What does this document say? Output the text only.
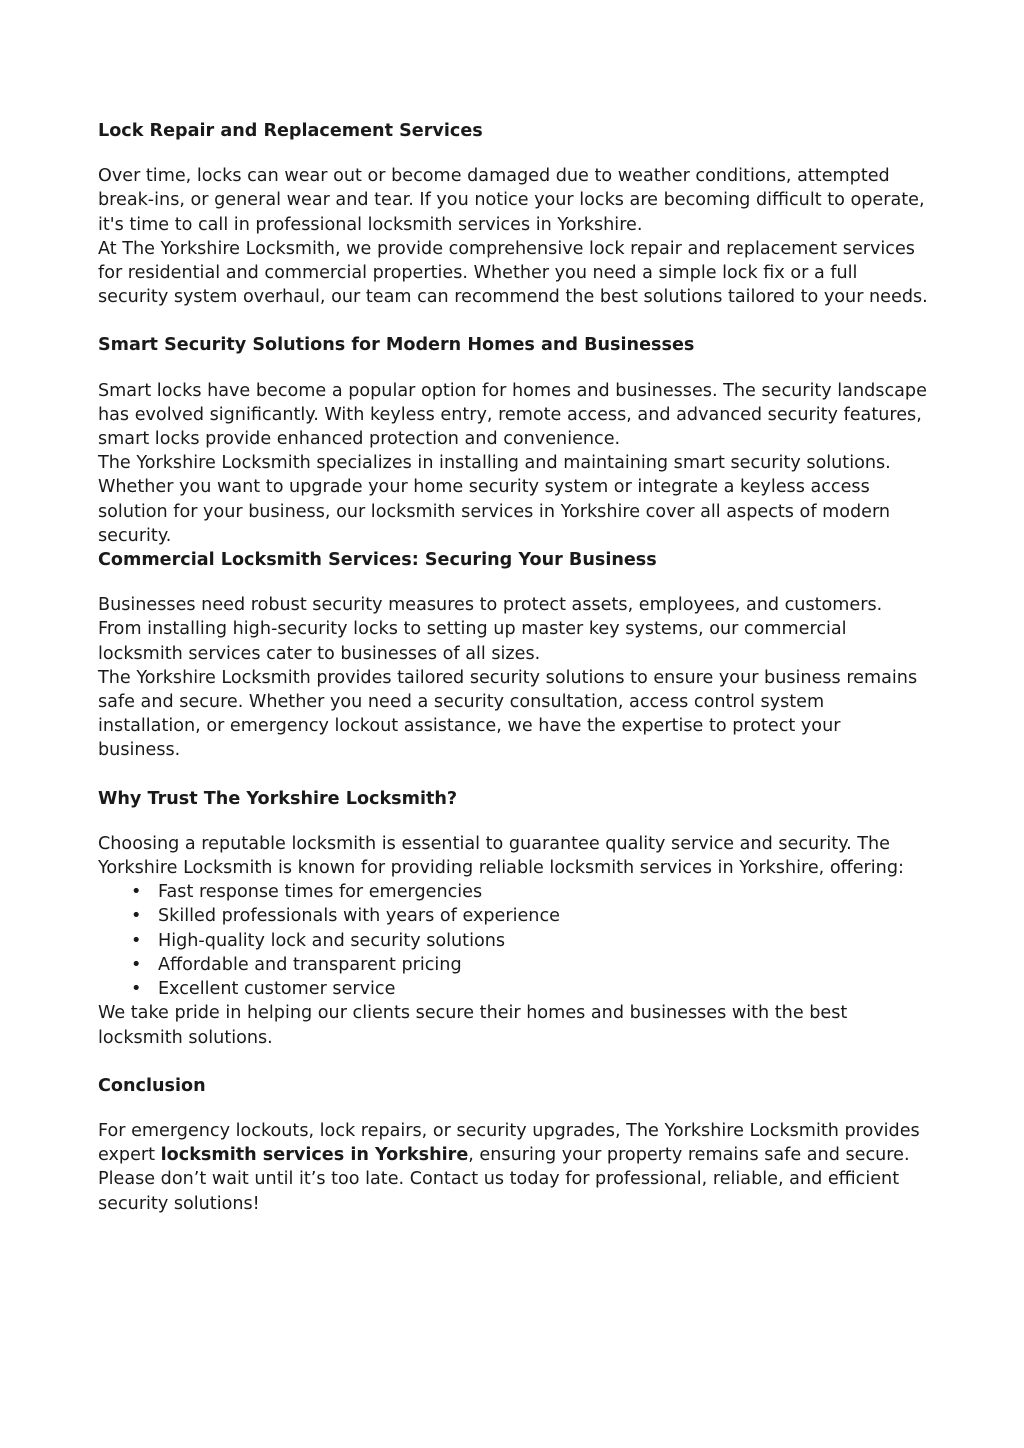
Lock Repair and Replacement Services

Over time, locks can wear out or become damaged due to weather conditions, attempted break-ins, or general wear and tear. If you notice your locks are becoming difficult to operate, it's time to call in professional locksmith services in Yorkshire.

At The Yorkshire Locksmith, we provide comprehensive lock repair and replacement services for residential and commercial properties. Whether you need a simple lock fix or a full security system overhaul, our team can recommend the best solutions tailored to your needs.

Smart Security Solutions for Modern Homes and Businesses

Smart locks have become a popular option for homes and businesses. The security landscape has evolved significantly. With keyless entry, remote access, and advanced security features, smart locks provide enhanced protection and convenience.

The Yorkshire Locksmith specializes in installing and maintaining smart security solutions. Whether you want to upgrade your home security system or integrate a keyless access solution for your business, our locksmith services in Yorkshire cover all aspects of modern security.

Commercial Locksmith Services: Securing Your Business

Businesses need robust security measures to protect assets, employees, and customers. From installing high-security locks to setting up master key systems, our commercial locksmith services cater to businesses of all sizes.

The Yorkshire Locksmith provides tailored security solutions to ensure your business remains safe and secure. Whether you need a security consultation, access control system installation, or emergency lockout assistance, we have the expertise to protect your business.

Why Trust The Yorkshire Locksmith?

Choosing a reputable locksmith is essential to guarantee quality service and security. The Yorkshire Locksmith is known for providing reliable locksmith services in Yorkshire, offering:

• Fast response times for emergencies
• Skilled professionals with years of experience
• High-quality lock and security solutions
• Affordable and transparent pricing
• Excellent customer service

We take pride in helping our clients secure their homes and businesses with the best locksmith solutions.

Conclusion

For emergency lockouts, lock repairs, or security upgrades, The Yorkshire Locksmith provides expert locksmith services in Yorkshire, ensuring your property remains safe and secure. Please don’t wait until it’s too late. Contact us today for professional, reliable, and efficient security solutions!
